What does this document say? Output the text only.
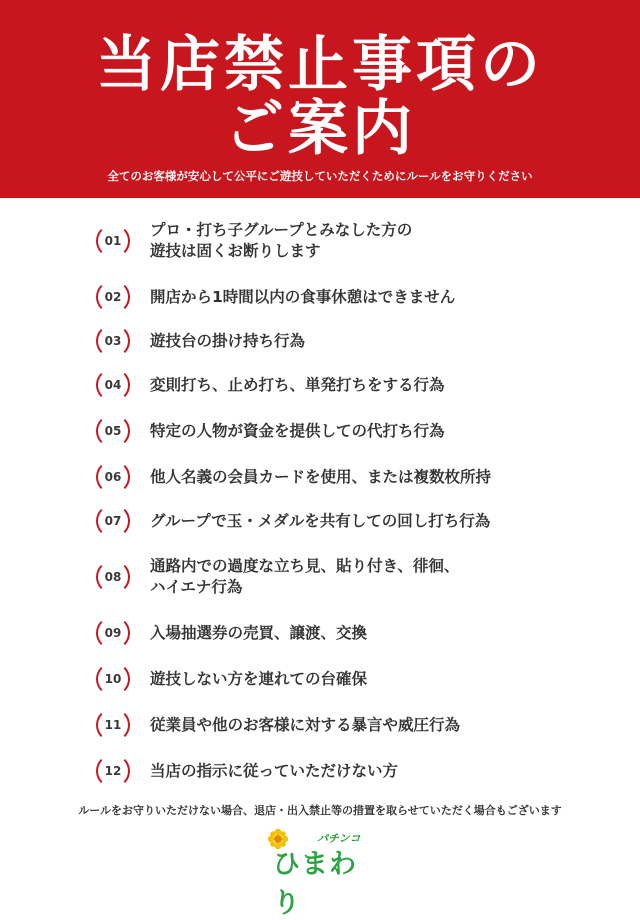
当店禁止事項の
ご案内
全てのお客様が安心して公平にご遊技していただくためにルールをお守りください
01
プロ・打ち子グループとみなした方の
遊技は固くお断りします
02	開店から1時間以内の食事休憩はできません
03	遊技台の掛け持ち行為
04	変則打ち、止め打ち、単発打ちをする行為
05	特定の人物が資金を提供しての代打ち行為
06	他人名義の会員カードを使用、または複数枚所持
07	グループで玉・メダルを共有しての回し打ち行為
08
通路内での過度な立ち見、貼り付き、徘徊、
ハイエナ行為
09	入場抽選券の売買、譲渡、交換
10	遊技しない方を連れての台確保
11	従業員や他のお客様に対する暴言や威圧行為
12	当店の指示に従っていただけない方
ルールをお守りいただけない場合、退店・出入禁止等の措置を取らせていただく場合もございます
パチンコ
ひまわり
